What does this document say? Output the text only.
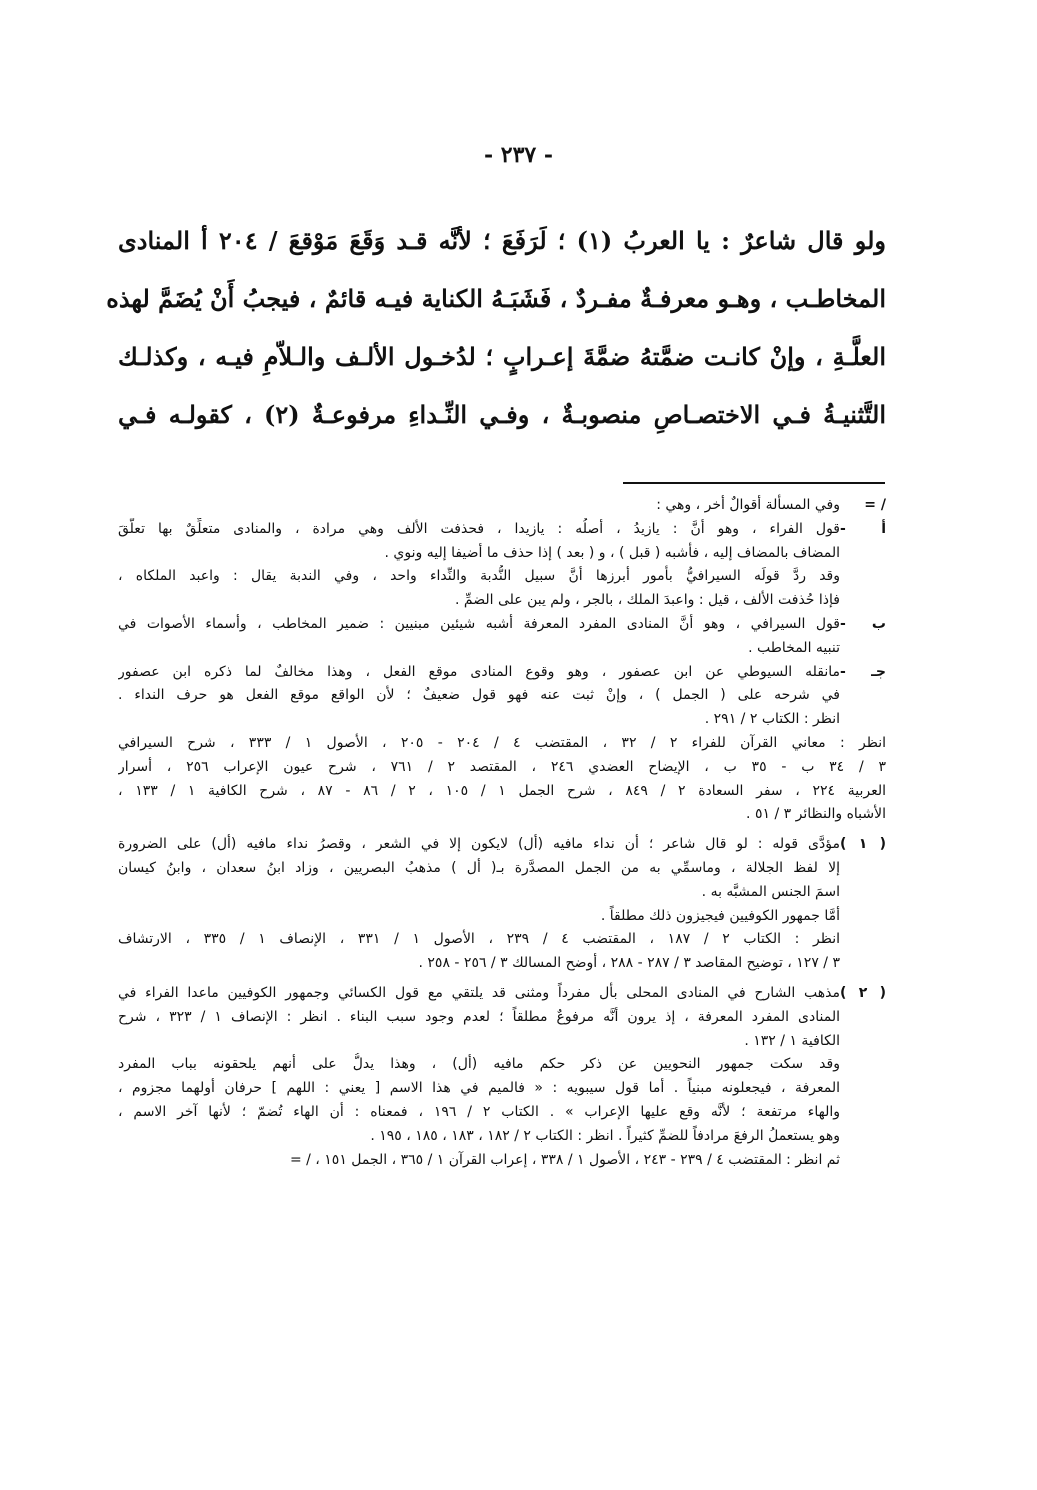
- ٢٣٧ -
ولو قال شاعرٌ : يا العربُ (١) ؛ لَرَفَعَ ؛ لأنَّه قـد وَقَعَ مَوْقعَ / ٢٠٤ أ المنادى
المخاطـب ، وهـو معرفـةٌ مفـردٌ ، فَشَبَـهُ الكناية فيـه قائمٌ ، فيجبُ أَنْ يُضَمَّ لهذه
العلَّـةِ ، وإنْ كانـت ضمَّتهُ ضمَّةَ إعـرابٍ ؛ لدُخـول الألـف والـلاّمِ فيـه ، وكذلـك
التَّثنيـةُ فـي الاختصـاصِ منصوبـةٌ ، وفـي النِّـداءِ مرفوعـةٌ (٢) ، كقولـه فـي
/ =
وفي المسألة أقوالٌ أخر ، وهي :
أ -
قول الفراء ، وهو أنَّ : يازيدُ ، أصلُه : يازيدا ، فحذفت الألف وهي مرادة ، والمنادى متعلِّقٌ بها تعلُّقَ
المضاف بالمضاف إليه ، فأشبه ( قبل ) ، و ( بعد ) إذا حذف ما أضيفا إليه ونوي .
وقد ردَّ قولَه السيرافيُّ بأمور أبرزها أنَّ سبيل النُّدبة والنِّداء واحد ، وفي الندبة يقال : واعبد الملكاه ،
فإذا حُذفت الألف ، قيل : واعبدَ الملك ، بالجر ، ولم يبن على الضمِّ .
ب -
قول السيرافي ، وهو أنَّ المنادى المفرد المعرفة أشبه شيئين مبنيين : ضمير المخاطب ، وأسماء الأصوات في
تنبيه المخاطب .
جـ -
مانقله السيوطي عن ابن عصفور ، وهو وقوع المنادى موقع الفعل ، وهذا مخالفٌ لما ذكره ابن عصفور
في شرحه على ( الجمل ) ، وإنْ ثبت عنه فهو قول ضعيفٌ ؛ لأن الواقع موقع الفعل هو حرف النداء .
انظر : الكتاب ٢ / ٢٩١ .
انظر : معاني القرآن للفراء ٢ / ٣٢ ، المقتضب ٤ / ٢٠٤ - ٢٠٥ ، الأصول ١ / ٣٣٣ ، شرح السيرافي
٣ / ٣٤ ب - ٣٥ ب ، الإيضاح العضدي ٢٤٦ ، المقتصد ٢ / ٧٦١ ، شرح عيون الإعراب ٢٥٦ ، أسرار
العربية ٢٢٤ ، سفر السعادة ٢ / ٨٤٩ ، شرح الجمل ١ / ١٠٥ ، ٢ / ٨٦ - ٨٧ ، شرح الكافية ١ / ١٣٣ ،
الأشباه والنظائر ٣ / ٥١ .
( ١ )
مؤدَّى قوله : لو قال شاعر ؛ أن نداء مافيه (أل) لايكون إلا في الشعر ، وقصرُ نداء مافيه (أل) على الضرورة
إلا لفظ الجلالة ، وماسمِّي به من الجمل المصدَّرة بـ( أل ) مذهبُ البصريين ، وزاد ابنُ سعدان ، وابنُ كيسان
اسمَ الجنس المشبَّه به .
أمَّا جمهور الكوفيين فيجيزون ذلك مطلقاً .
انظر : الكتاب ٢ / ١٨٧ ، المقتضب ٤ / ٢٣٩ ، الأصول ١ / ٣٣١ ، الإنصاف ١ / ٣٣٥ ، الارتشاف
٣ / ١٢٧ ، توضيح المقاصد ٣ / ٢٨٧ - ٢٨٨ ، أوضح المسالك ٣ / ٢٥٦ - ٢٥٨ .
( ٢ )
مذهب الشارح في المنادى المحلى بأل مفرداً ومثنى قد يلتقي مع قول الكسائي وجمهور الكوفيين ماعدا الفراء في
المنادى المفرد المعرفة ، إذ يرون أنَّه مرفوعٌ مطلقاً ؛ لعدم وجود سبب البناء . انظر : الإنصاف ١ / ٣٢٣ ، شرح
الكافية ١ / ١٣٢ .
وقد سكت جمهور النحويين عن ذكر حكم مافيه (أل) ، وهذا يدلُّ على أنهم يلحقونه بباب المفرد
المعرفة ، فيجعلونه مبنياً . أما قول سيبويه : « فالميم في هذا الاسم [ يعني : اللهم ] حرفان أولهما مجزوم ،
والهاء مرتفعة ؛ لأنَّه وقع عليها الإعراب » . الكتاب ٢ / ١٩٦ ، فمعناه : أن الهاء تُضمّ ؛ لأنها آخر الاسم ،
وهو يستعملُ الرفعَ مرادفاً للضمِّ كثيراً . انظر : الكتاب ٢ / ١٨٢ ، ١٨٣ ، ١٨٥ ، ١٩٥ .
ثم انظر : المقتضب ٤ / ٢٣٩ - ٢٤٣ ، الأصول ١ / ٣٣٨ ، إعراب القرآن ١ / ٣٦٥ ، الجمل ١٥١ ، / =
